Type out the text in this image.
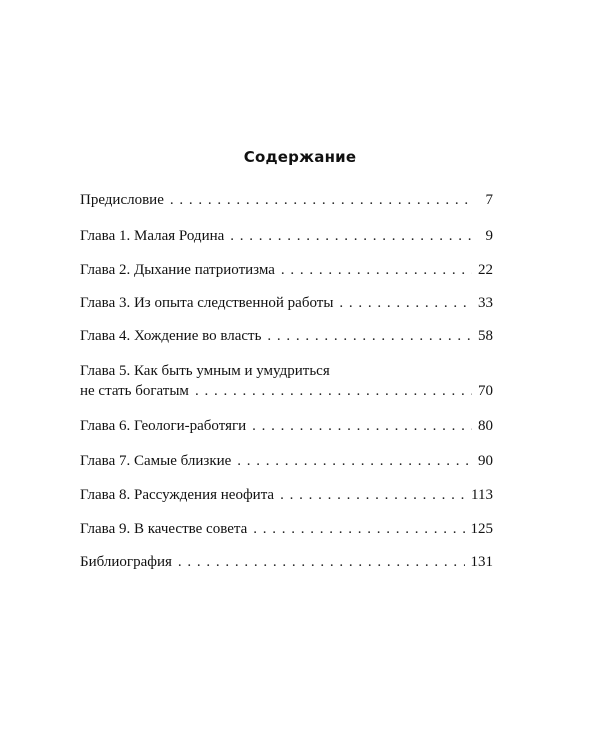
Содержание
Предисловие . . .	7
Глава 1. Малая Родина . . .	9
Глава 2. Дыхание патриотизма . . .	22
Глава 3. Из опыта следственной работы . . .	33
Глава 4. Хождение во власть . . .	58
Глава 5. Как быть умным и умудриться
не стать богатым . . .	70
Глава 6. Геологи-работяги . . .	80
Глава 7. Самые близкие . . .	90
Глава 8. Рассуждения неофита . . .	113
Глава 9. В качестве совета . . .	125
Библиография . . .	131
